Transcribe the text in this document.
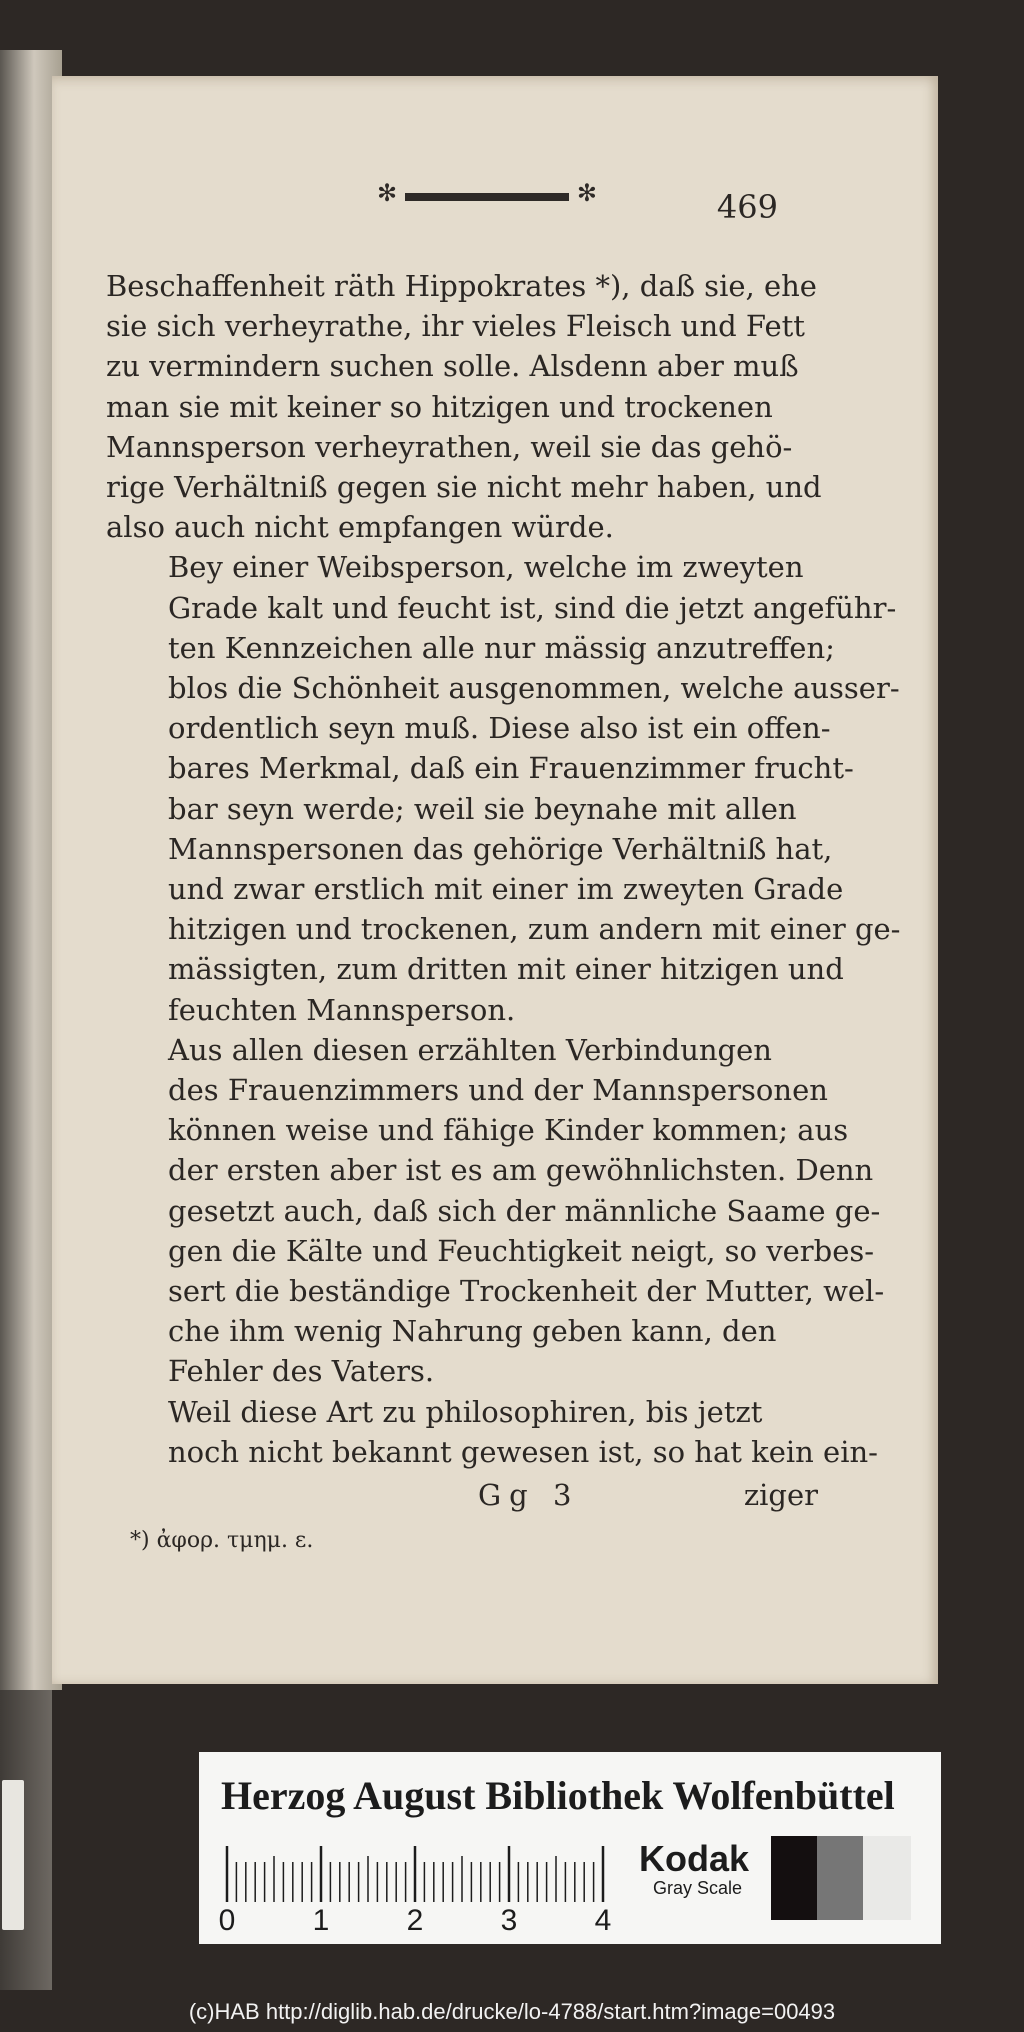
✻	✻	469
Beschaffenheit räth Hippokrates *), daß sie, ehe
sie sich verheyrathe, ihr vieles Fleisch und Fett
zu vermindern suchen solle. Alsdenn aber muß
man sie mit keiner so hitzigen und trockenen
Mannsperson verheyrathen, weil sie das gehö-
rige Verhältniß gegen sie nicht mehr haben, und
also auch nicht empfangen würde.
Bey einer Weibsperson, welche im zweyten
Grade kalt und feucht ist, sind die jetzt angeführ-
ten Kennzeichen alle nur mässig anzutreffen;
blos die Schönheit ausgenommen, welche ausser-
ordentlich seyn muß. Diese also ist ein offen-
bares Merkmal, daß ein Frauenzimmer frucht-
bar seyn werde; weil sie beynahe mit allen
Mannspersonen das gehörige Verhältniß hat,
und zwar erstlich mit einer im zweyten Grade
hitzigen und trockenen, zum andern mit einer ge-
mässigten, zum dritten mit einer hitzigen und
feuchten Mannsperson.
Aus allen diesen erzählten Verbindungen
des Frauenzimmers und der Mannspersonen
können weise und fähige Kinder kommen; aus
der ersten aber ist es am gewöhnlichsten. Denn
gesetzt auch, daß sich der männliche Saame ge-
gen die Kälte und Feuchtigkeit neigt, so verbes-
sert die beständige Trockenheit der Mutter, wel-
che ihm wenig Nahrung geben kann, den
Fehler des Vaters.
Weil diese Art zu philosophiren, bis jetzt
noch nicht bekannt gewesen ist, so hat kein ein-
Gg 3	ziger
*) ἀφορ. τμημ. ε.
Herzog August Bibliothek Wolfenbüttel
0	1	2	3	4
Kodak
Gray Scale
(c)HAB http://diglib.hab.de/drucke/lo-4788/start.htm?image=00493
